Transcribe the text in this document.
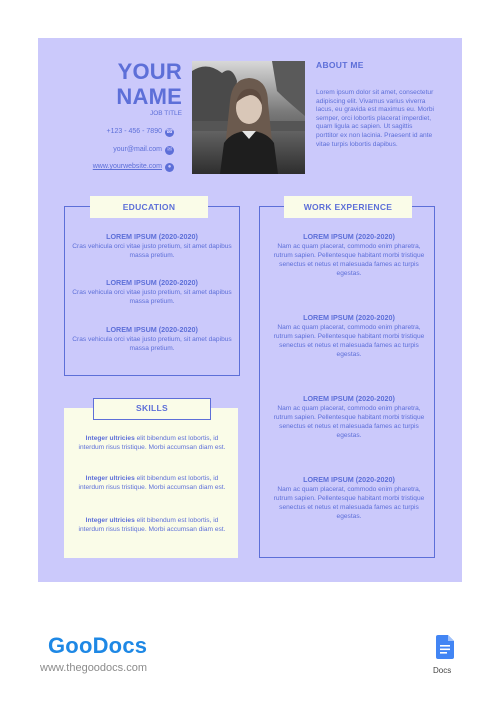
YOUR
NAME
JOB TITLE
+123 - 456 - 7890 ☎
your@mail.com ✉
www.yourwebsite.com ●
ABOUT ME
Lorem ipsum dolor sit amet, consectetur adipiscing elit. Vivamus varius viverra lacus, eu gravida est maximus eu. Morbi semper, orci lobortis placerat imperdiet, quam ligula ac sapien. Ut sagittis porttitor ex non lacinia. Praesent id ante vitae turpis lobortis dapibus.
EDUCATION
LOREM IPSUM (2020-2020)
Cras vehicula orci vitae justo pretium, sit amet dapibus massa pretium.
LOREM IPSUM (2020-2020)
Cras vehicula orci vitae justo pretium, sit amet dapibus massa pretium.
LOREM IPSUM (2020-2020)
Cras vehicula orci vitae justo pretium, sit amet dapibus massa pretium.
WORK EXPERIENCE
LOREM IPSUM (2020-2020)
Nam ac quam placerat, commodo enim pharetra, rutrum sapien. Pellentesque habitant morbi tristique senectus et netus et malesuada fames ac turpis egestas.
LOREM IPSUM (2020-2020)
Nam ac quam placerat, commodo enim pharetra, rutrum sapien. Pellentesque habitant morbi tristique senectus et netus et malesuada fames ac turpis egestas.
LOREM IPSUM (2020-2020)
Nam ac quam placerat, commodo enim pharetra, rutrum sapien. Pellentesque habitant morbi tristique senectus et netus et malesuada fames ac turpis egestas.
LOREM IPSUM (2020-2020)
Nam ac quam placerat, commodo enim pharetra, rutrum sapien. Pellentesque habitant morbi tristique senectus et netus et malesuada fames ac turpis egestas.
SKILLS
Integer ultricies elit bibendum est lobortis, id interdum risus tristique. Morbi accumsan diam est.
Integer ultricies elit bibendum est lobortis, id interdum risus tristique. Morbi accumsan diam est.
Integer ultricies elit bibendum est lobortis, id interdum risus tristique. Morbi accumsan diam est.
GooDocs
www.thegoodocs.com	Docs
